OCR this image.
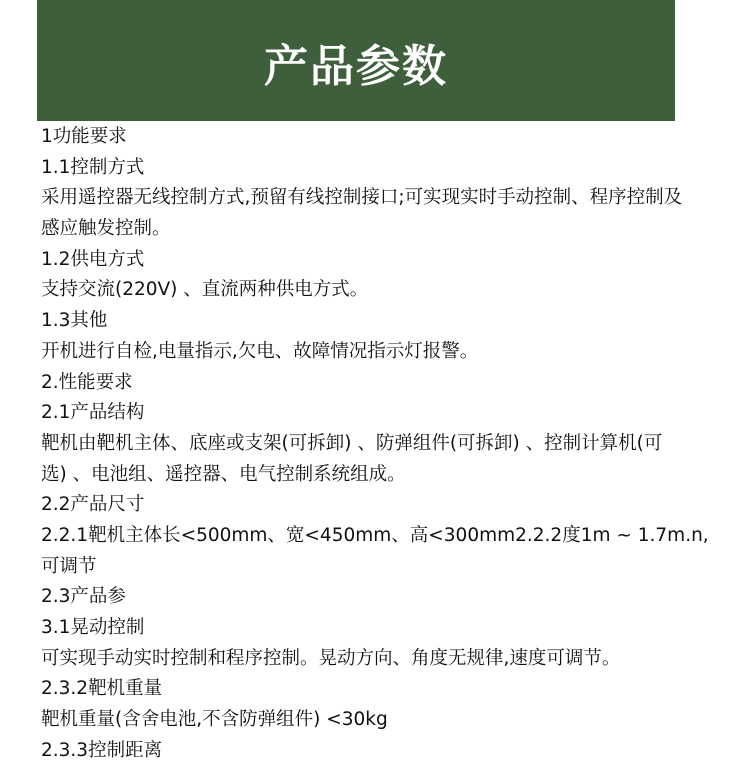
产品参数
1功能要求
1.1控制方式
采用遥控器无线控制方式,预留有线控制接口;可实现实时手动控制、程序控制及
感应触发控制。
1.2供电方式
支持交流(220V) 、直流两种供电方式。
1.3其他
开机进行自检,电量指示,欠电、故障情况指示灯报警。
2.性能要求
2.1产品结构
靶机由靶机主体、底座或支架(可拆卸) 、防弹组件(可拆卸) 、控制计算机(可
选) 、电池组、遥控器、电气控制系统组成。
2.2产品尺寸
2.2.1靶机主体长<500mm、宽<450mm、高<300mm2.2.2度1m ~ 1.7m.n,
可调节
2.3产品参
3.1晃动控制
可实现手动实时控制和程序控制。晃动方向、角度无规律,速度可调节。
2.3.2靶机重量
靶机重量(含舍电池,不含防弹组件) <30kg
2.3.3控制距离
